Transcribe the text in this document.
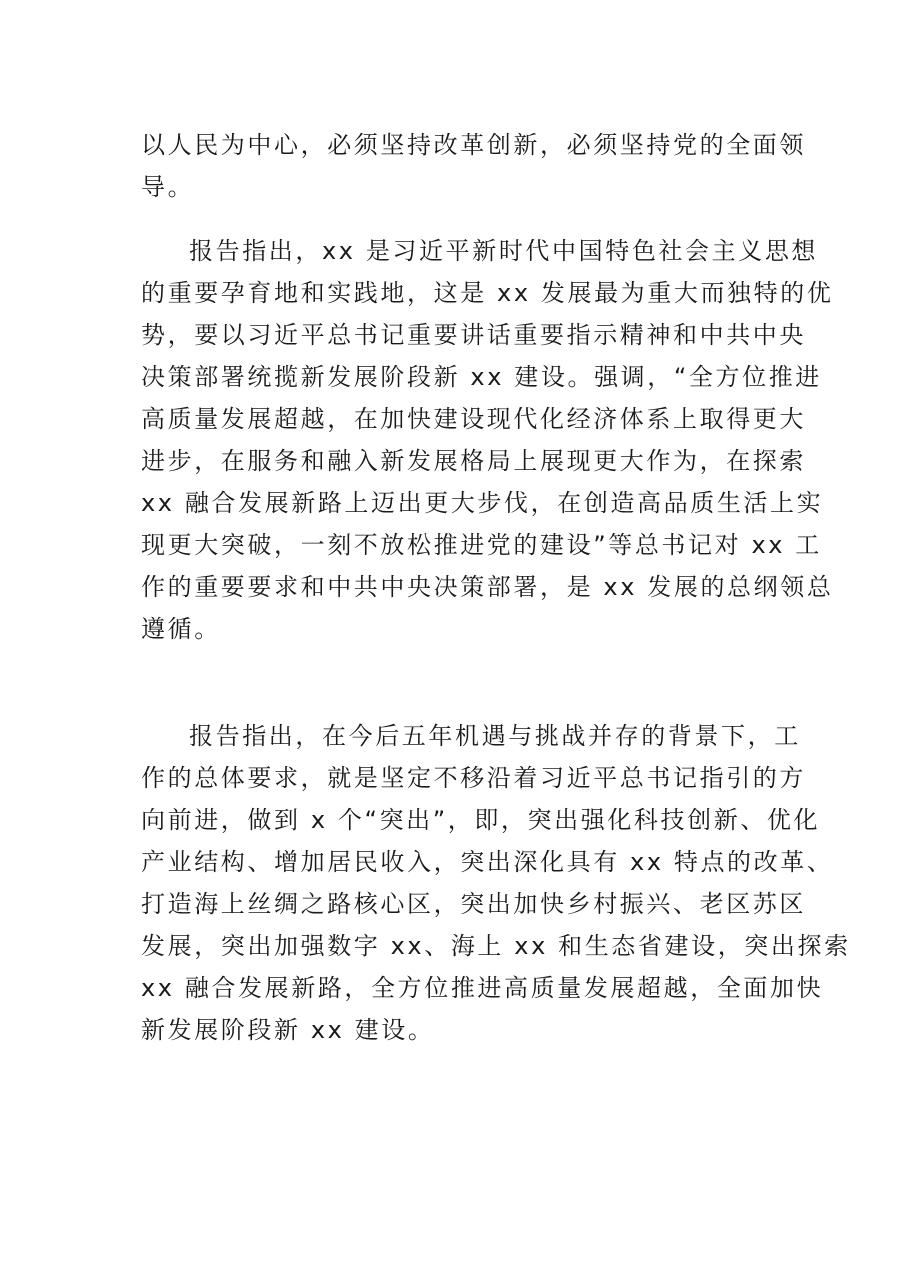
以人民为中心，必须坚持改革创新，必须坚持党的全面领
导。
报告指出，xx 是习近平新时代中国特色社会主义思想
的重要孕育地和实践地，这是 xx 发展最为重大而独特的优
势，要以习近平总书记重要讲话重要指示精神和中共中央
决策部署统揽新发展阶段新 xx 建设。强调，“全方位推进
高质量发展超越，在加快建设现代化经济体系上取得更大
进步，在服务和融入新发展格局上展现更大作为，在探索
xx 融合发展新路上迈出更大步伐，在创造高品质生活上实
现更大突破，一刻不放松推进党的建设”等总书记对 xx 工
作的重要要求和中共中央决策部署，是 xx 发展的总纲领总
遵循。
报告指出，在今后五年机遇与挑战并存的背景下，工
作的总体要求，就是坚定不移沿着习近平总书记指引的方
向前进，做到 x 个“突出”，即，突出强化科技创新、优化
产业结构、增加居民收入，突出深化具有 xx 特点的改革、
打造海上丝绸之路核心区，突出加快乡村振兴、老区苏区
发展，突出加强数字 xx、海上 xx 和生态省建设，突出探索
xx 融合发展新路，全方位推进高质量发展超越，全面加快
新发展阶段新 xx 建设。
